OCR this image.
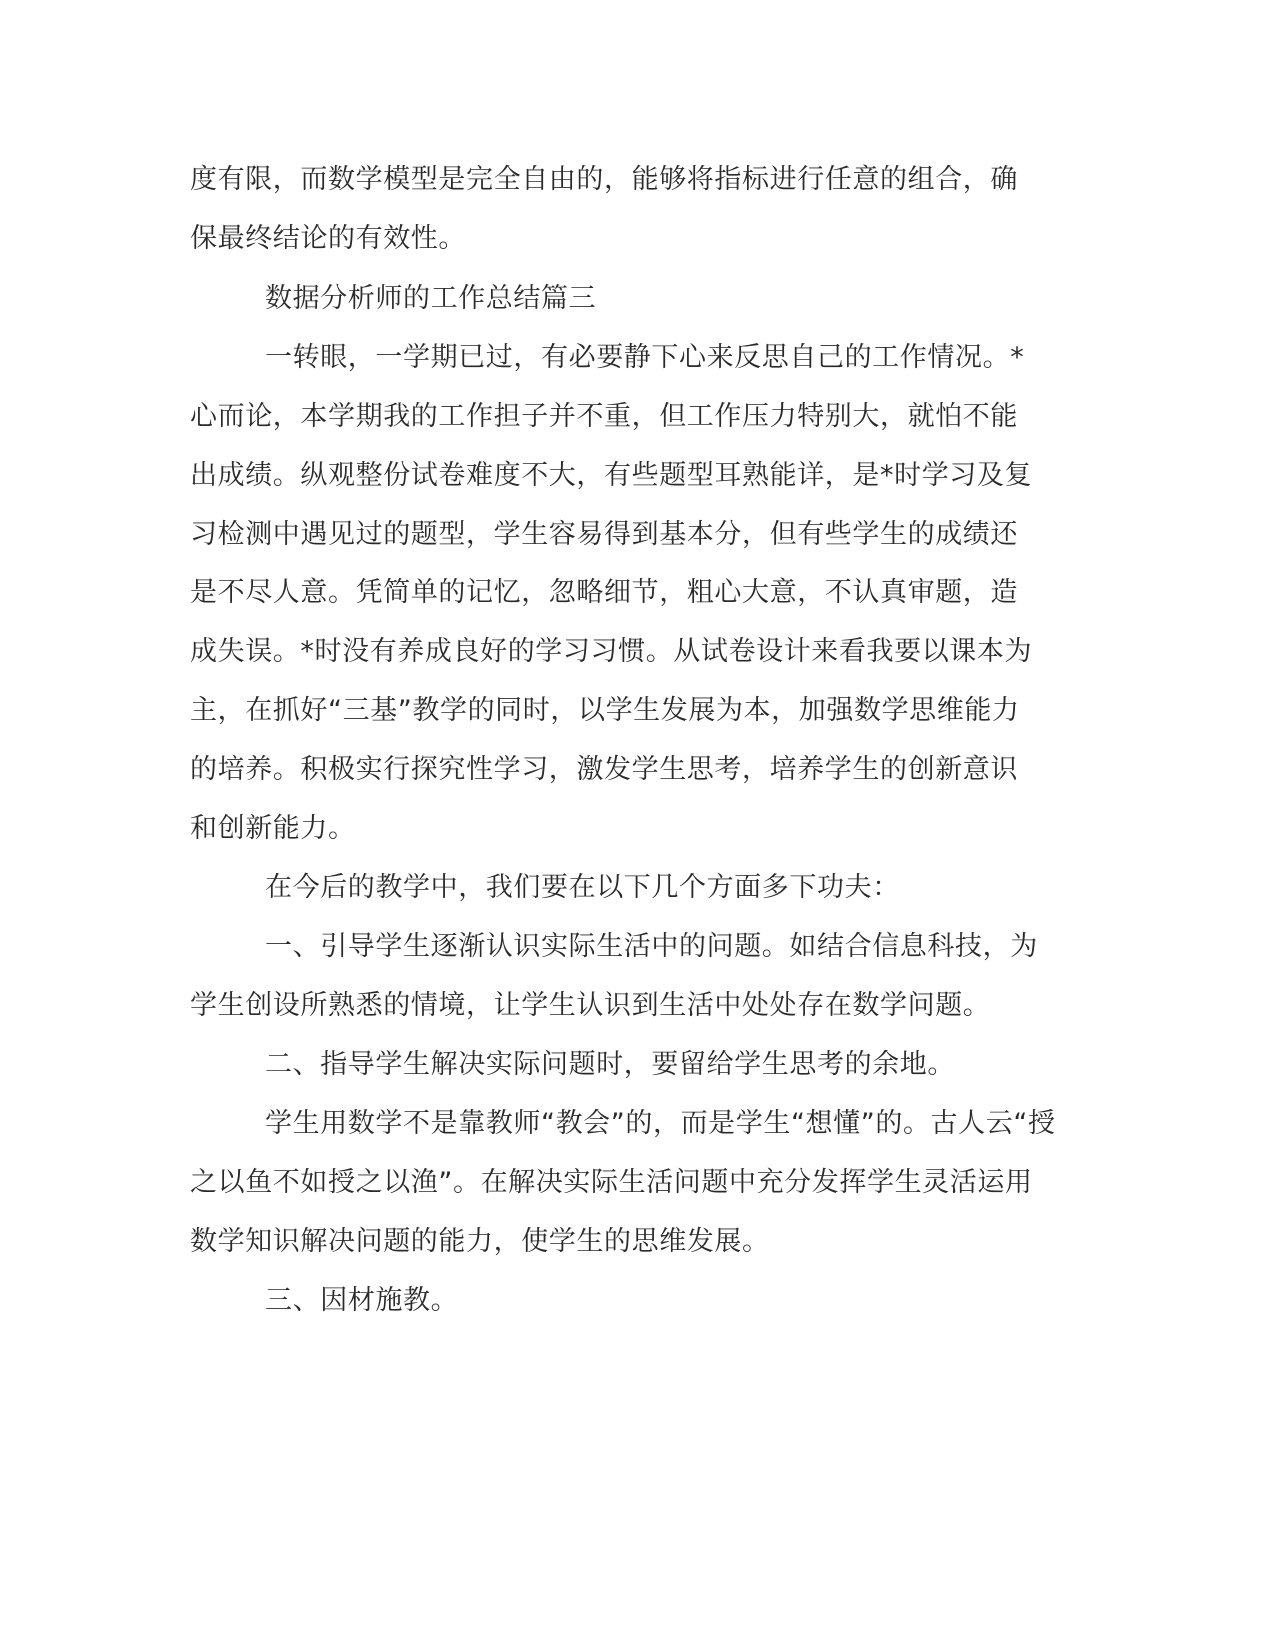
度有限，而数学模型是完全自由的，能够将指标进行任意的组合，确

保最终结论的有效性。

数据分析师的工作总结篇三

一转眼，一学期已过，有必要静下心来反思自己的工作情况。*

心而论，本学期我的工作担子并不重，但工作压力特别大，就怕不能

出成绩。纵观整份试卷难度不大，有些题型耳熟能详，是*时学习及复

习检测中遇见过的题型，学生容易得到基本分，但有些学生的成绩还

是不尽人意。凭简单的记忆，忽略细节，粗心大意，不认真审题，造

成失误。*时没有养成良好的学习习惯。从试卷设计来看我要以课本为

主，在抓好“三基”教学的同时，以学生发展为本，加强数学思维能力

的培养。积极实行探究性学习，激发学生思考，培养学生的创新意识

和创新能力。

在今后的教学中，我们要在以下几个方面多下功夫：

一、引导学生逐渐认识实际生活中的问题。如结合信息科技，为

学生创设所熟悉的情境，让学生认识到生活中处处存在数学问题。

二、指导学生解决实际问题时，要留给学生思考的余地。

学生用数学不是靠教师“教会”的，而是学生“想懂”的。古人云“授

之以鱼不如授之以渔”。在解决实际生活问题中充分发挥学生灵活运用

数学知识解决问题的能力，使学生的思维发展。

三、因材施教。
